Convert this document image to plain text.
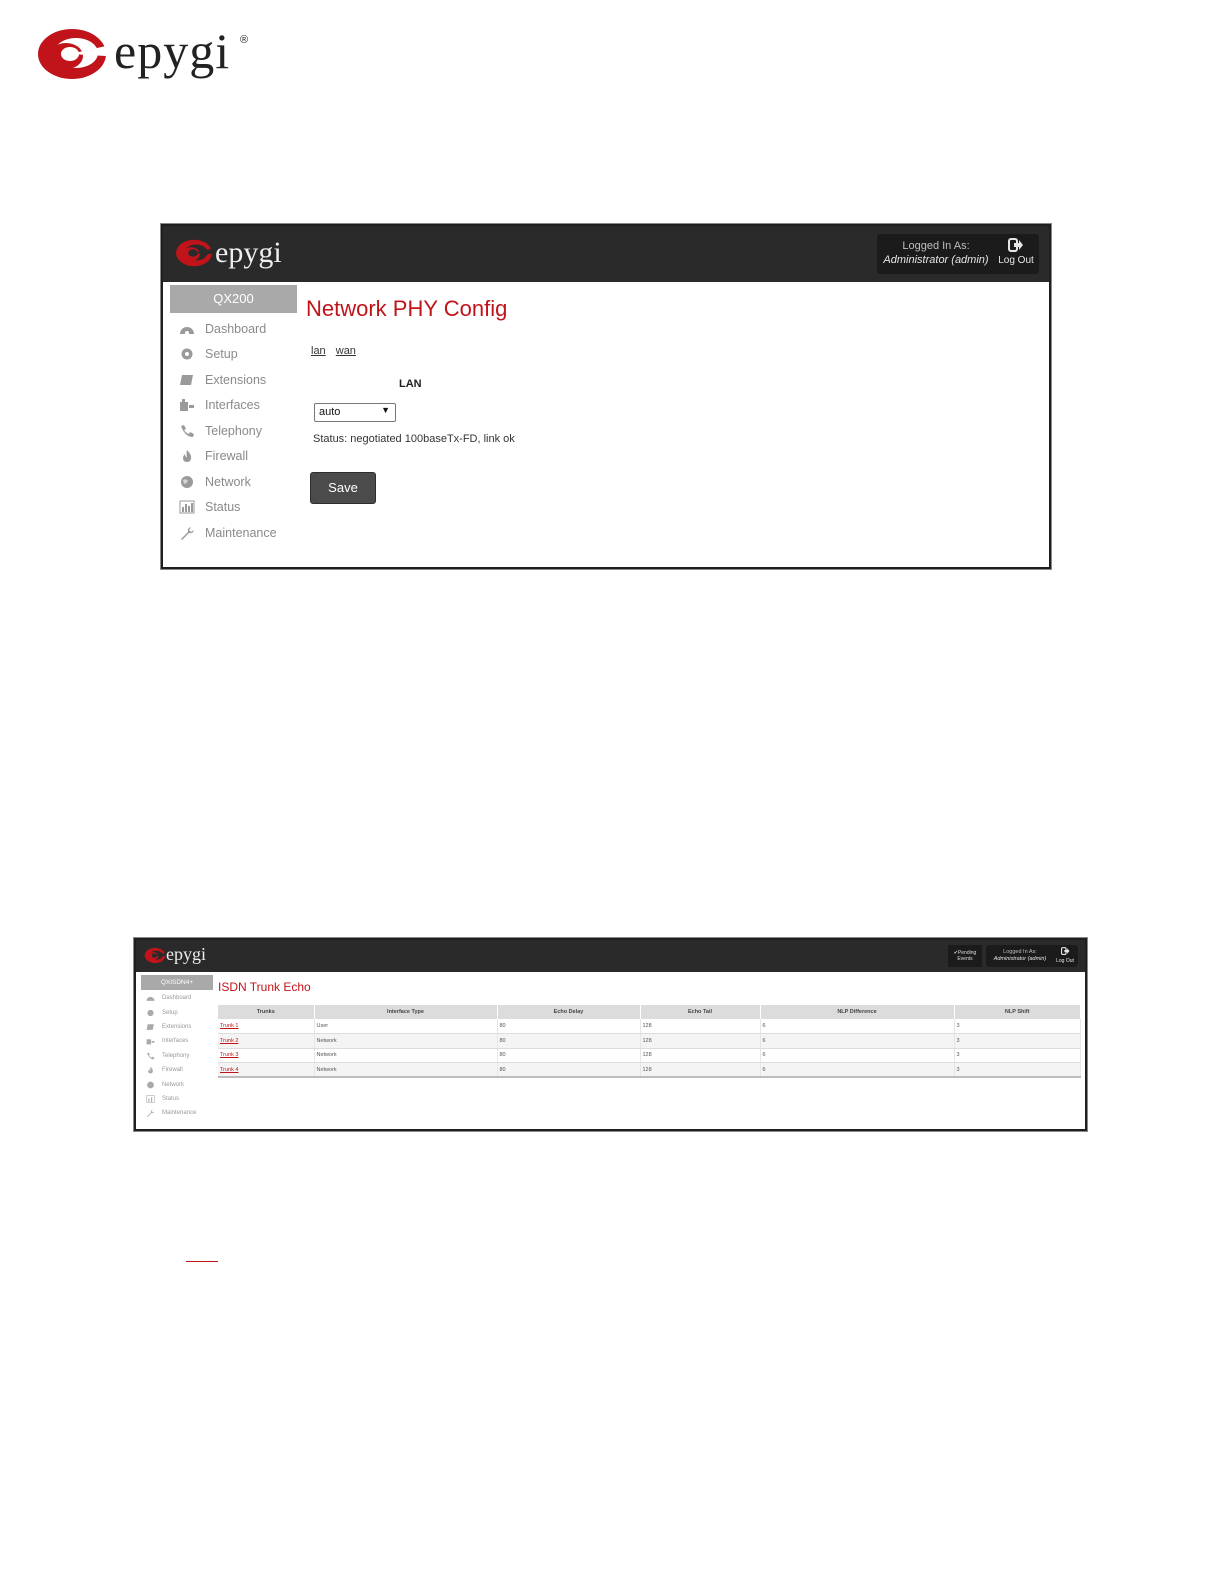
epygi ®
epygi	Logged In As:
Administrator (admin) Log Out
QX200
Dashboard
Setup
Extensions
Interfaces
Telephony
Firewall
Network
Status
Maintenance
Network PHY Config
lan wan
LAN
auto	▼
Status: negotiated 100baseTx-FD, link ok
Save
epygi	✔Pending
Events
Logged In As:
Administrator (admin)	Log Out
QXISDN4+
Dashboard
Setup
Extensions
Interfaces
Telephony
Firewall
Network
Status
Maintenance
ISDN Trunk Echo
Trunks	Interface Type	Echo Delay	Echo Tail	NLP Difference	NLP Shift
Trunk 1	User	80	128	6	3
Trunk 2	Network	80	128	6	3
Trunk 3	Network	80	128	6	3
Trunk 4	Network	80	128	6	3
